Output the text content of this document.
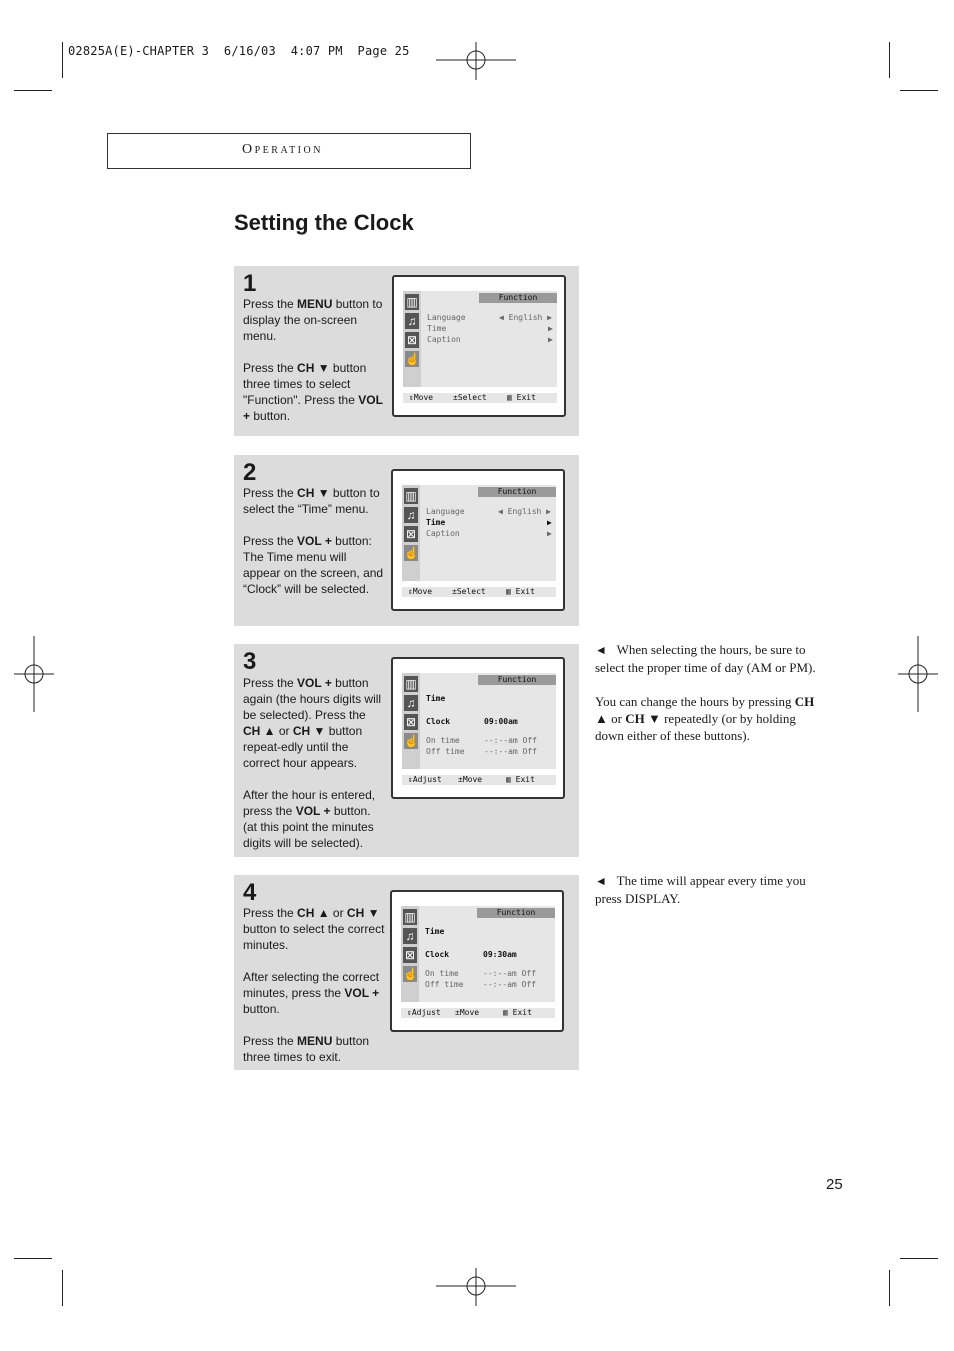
02825A(E)-CHAPTER 3  6/16/03  4:07 PM  Page 25
Operation
Setting the Clock
1

Press the MENU button to display the on-screen menu.

Press the CH ▼ button three times to select "Function". Press the VOL + button.

▥
♫
⊠
☝
Function
Language	◀ English ▶
Time	▶
Caption	▶
⇕Move ±Select	▥ Exit
2

Press the CH ▼ button to select the “Time” menu.

Press the VOL + button: The Time menu will appear on the screen, and “Clock” will be selected.

▥
♫
⊠
☝
Function
Language	◀ English ▶
Time	▶
Caption	▶
⇕Move ±Select	▥ Exit
3

Press the VOL + button again (the hours digits will be selected). Press the CH ▲ or CH ▼ button repeat-edly until the correct hour appears.

After the hour is entered, press the VOL + button. (at this point the minutes digits will be selected).

▥
♫
⊠
☝
Function
Time
Clock	09:00am
On time	--:--am Off
Off time --:--am Off
⇕Adjust ±Move	▥ Exit
4

Press the CH ▲ or CH ▼ button to select the correct minutes.

After selecting the correct minutes, press the VOL + button.

Press the MENU button three times to exit.

▥
♫
⊠
☝
Function
Time
Clock	09:30am
On time	--:--am Off
Off time --:--am Off
⇕Adjust ±Move	▥ Exit

◄ When selecting the hours, be sure to select the proper time of day (AM or PM).

You can change the hours by pressing CH ▲ or CH ▼ repeatedly (or by holding down either of these buttons).

◄ The time will appear every time you press DISPLAY.

25
